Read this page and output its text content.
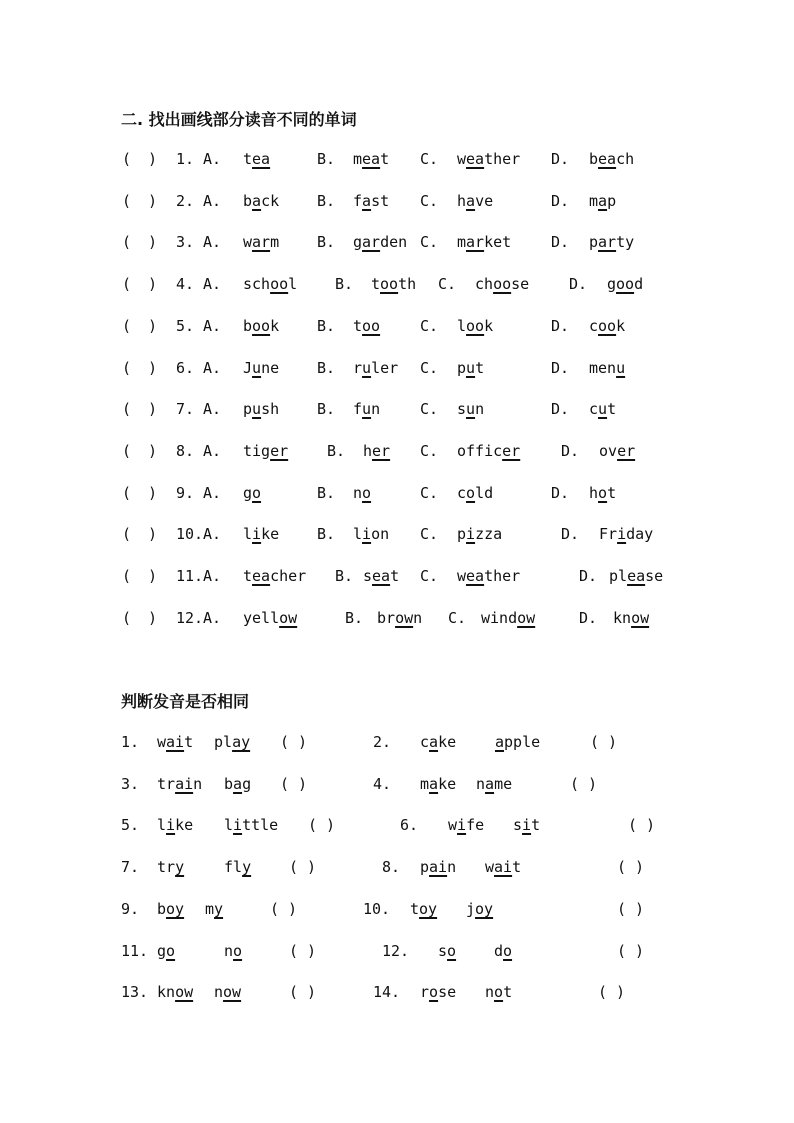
二. 找出画线部分读音不同的单词
( ) 1. A. tea	B. meat C. weather D. beach
( ) 2. A. back	B. fast C. have	D. map
( ) 3. A. warm	B. garden C. market	D. party
( ) 4. A. school	B. tooth C. choose	D. good
( ) 5. A. book	B. too	C. look	D. cook
( ) 6. A. June	B. ruler C. put	D. menu
( ) 7. A. push	B. fun	C. sun	D. cut
( ) 8. A. tiger	B. her C. officer	D. over
( ) 9. A. go	B. no	C. cold	D. hot
( ) 10. A. like	B. lion C. pizza	D. Friday
( ) 11. A. teacher B. seat C. weather	D. please
( ) 12. A. yellow	B. brown C. window	D. know
判断发音是否相同
1. wait play ( )	2. cake	apple	( )
3. train bag ( )	4. make name	( )
5. like little ( )	6. wife sit	( )
7. try	fly	( )	8. pain wait	( )
9. boy my	( )	10. toy joy	( )
11. go	no	( )	12. so	do	( )
13. know now	( )	14. rose not	( )
